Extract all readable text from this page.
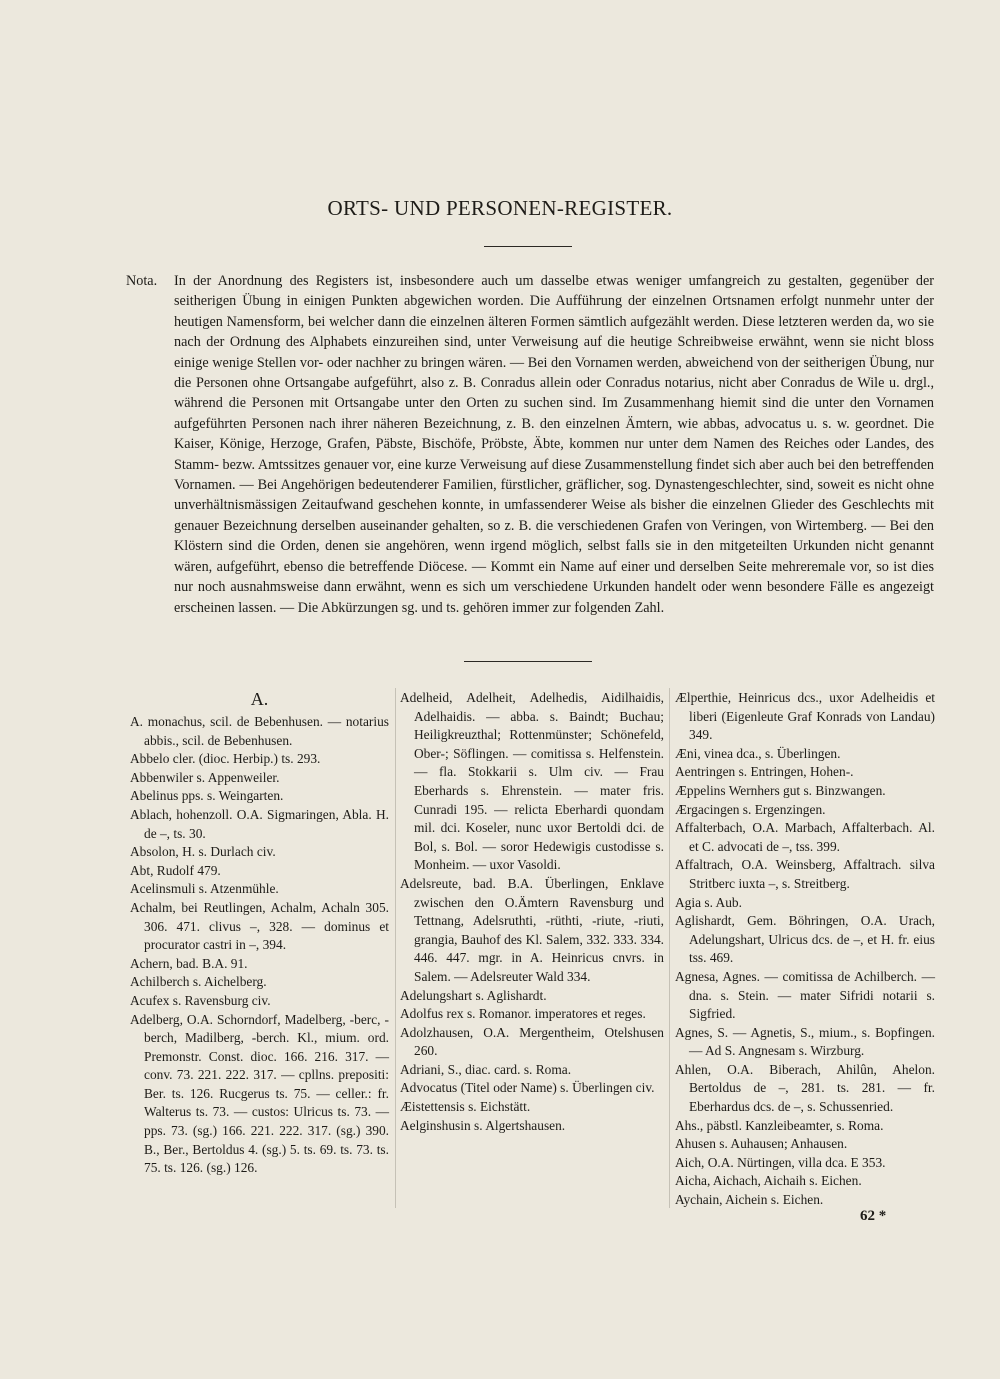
ORTS- UND PERSONEN-REGISTER.
Nota.	In der Anordnung des Registers ist, insbesondere auch um dasselbe etwas weniger umfangreich zu gestalten, gegenüber der seitherigen Übung in einigen Punkten abgewichen worden. Die Aufführung der einzelnen Ortsnamen erfolgt nunmehr unter der heutigen Namensform, bei welcher dann die einzelnen älteren Formen sämtlich aufgezählt werden. Diese letzteren werden da, wo sie nach der Ordnung des Alphabets einzureihen sind, unter Verweisung auf die heutige Schreibweise erwähnt, wenn sie nicht bloss einige wenige Stellen vor- oder nachher zu bringen wären. — Bei den Vornamen werden, abweichend von der seitherigen Übung, nur die Personen ohne Ortsangabe aufgeführt, also z. B. Conradus allein oder Conradus notarius, nicht aber Conradus de Wile u. drgl., während die Personen mit Ortsangabe unter den Orten zu suchen sind. Im Zusammenhang hiemit sind die unter den Vornamen aufgeführten Personen nach ihrer näheren Bezeichnung, z. B. den einzelnen Ämtern, wie abbas, advocatus u. s. w. geordnet. Die Kaiser, Könige, Herzoge, Grafen, Päbste, Bischöfe, Pröbste, Äbte, kommen nur unter dem Namen des Reiches oder Landes, des Stamm- bezw. Amtssitzes genauer vor, eine kurze Verweisung auf diese Zusammenstellung findet sich aber auch bei den betreffenden Vornamen. — Bei Angehörigen bedeutenderer Familien, fürstlicher, gräflicher, sog. Dynastengeschlechter, sind, soweit es nicht ohne unverhältnismässigen Zeitaufwand geschehen konnte, in umfassenderer Weise als bisher die einzelnen Glieder des Geschlechts mit genauer Bezeichnung derselben auseinander gehalten, so z. B. die verschiedenen Grafen von Veringen, von Wirtemberg. — Bei den Klöstern sind die Orden, denen sie angehören, wenn irgend möglich, selbst falls sie in den mitgeteilten Urkunden nicht genannt wären, aufgeführt, ebenso die betreffende Diöcese. — Kommt ein Name auf einer und derselben Seite mehreremale vor, so ist dies nur noch ausnahmsweise dann erwähnt, wenn es sich um verschiedene Urkunden handelt oder wenn besondere Fälle es angezeigt erscheinen lassen. — Die Abkürzungen sg. und ts. gehören immer zur folgenden Zahl.

A.

A. monachus, scil. de Bebenhusen. — notarius abbis., scil. de Bebenhusen.

Abbelo cler. (dioc. Herbip.) ts. 293.

Abbenwiler s. Appenweiler.

Abelinus pps. s. Weingarten.

Ablach, hohenzoll. O.A. Sigmaringen, Abla. H. de –, ts. 30.

Absolon, H. s. Durlach civ.

Abt, Rudolf 479.

Acelinsmuli s. Atzenmühle.

Achalm, bei Reutlingen, Achalm, Achaln 305. 306. 471. clivus –, 328. — dominus et procurator castri in –, 394.

Achern, bad. B.A. 91.

Achilberch s. Aichelberg.

Acufex s. Ravensburg civ.

Adelberg, O.A. Schorndorf, Madelberg, -berc, -berch, Madilberg, -berch. Kl., mium. ord. Premonstr. Const. dioc. 166. 216. 317. — conv. 73. 221. 222. 317. — cpllns. prepositi: Ber. ts. 126. Rucgerus ts. 75. — celler.: fr. Walterus ts. 73. — custos: Ulricus ts. 73. — pps. 73. (sg.) 166. 221. 222. 317. (sg.) 390. B., Ber., Bertoldus 4. (sg.) 5. ts. 69. ts. 73. ts. 75. ts. 126. (sg.) 126.

Adelheid, Adelheit, Adelhedis, Aidilhaidis, Adelhaidis. — abba. s. Baindt; Buchau; Heiligkreuzthal; Rottenmünster; Schönefeld, Ober-; Söflingen. — comitissa s. Helfenstein. — fla. Stokkarii s. Ulm civ. — Frau Eberhards s. Ehrenstein. — mater fris. Cunradi 195. — relicta Eberhardi quondam mil. dci. Koseler, nunc uxor Bertoldi dci. de Bol, s. Bol. — soror Hedewigis custodisse s. Monheim. — uxor Vasoldi.

Adelsreute, bad. B.A. Überlingen, Enklave zwischen den O.Ämtern Ravensburg und Tettnang, Adelsruthti, -rüthti, -riute, -riuti, grangia, Bauhof des Kl. Salem, 332. 333. 334. 446. 447. mgr. in A. Heinricus cnvrs. in Salem. — Adelsreuter Wald 334.

Adelungshart s. Aglishardt.

Adolfus rex s. Romanor. imperatores et reges.

Adolzhausen, O.A. Mergentheim, Otelshusen 260.

Adriani, S., diac. card. s. Roma.

Advocatus (Titel oder Name) s. Überlingen civ.

Æistettensis s. Eichstätt.

Aelginshusin s. Algertshausen.

Ælperthie, Heinricus dcs., uxor Adelheidis et liberi (Eigenleute Graf Konrads von Landau) 349.

Æni, vinea dca., s. Überlingen.

Aentringen s. Entringen, Hohen-.

Æppelins Wernhers gut s. Binzwangen.

Ærgacingen s. Ergenzingen.

Affalterbach, O.A. Marbach, Affalterbach. Al. et C. advocati de –, tss. 399.

Affaltrach, O.A. Weinsberg, Affaltrach. silva Stritberc iuxta –, s. Streitberg.

Agia s. Aub.

Aglishardt, Gem. Böhringen, O.A. Urach, Adelungshart, Ulricus dcs. de –, et H. fr. eius tss. 469.

Agnesa, Agnes. — comitissa de Achilberch. — dna. s. Stein. — mater Sifridi notarii s. Sigfried.

Agnes, S. — Agnetis, S., mium., s. Bopfingen. — Ad S. Angnesam s. Wirzburg.

Ahlen, O.A. Biberach, Ahilûn, Ahelon. Bertoldus de –, 281. ts. 281. — fr. Eberhardus dcs. de –, s. Schussenried.

Ahs., päbstl. Kanzleibeamter, s. Roma.

Ahusen s. Auhausen; Anhausen.

Aich, O.A. Nürtingen, villa dca. E 353.

Aicha, Aichach, Aichaih s. Eichen.

Aychain, Aichein s. Eichen.

62 *
